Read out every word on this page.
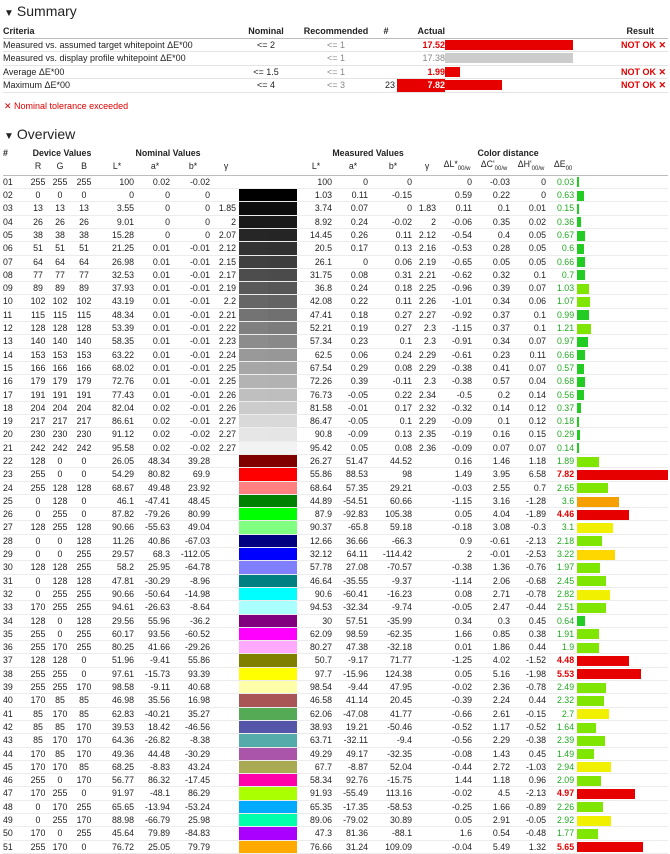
▼ Summary
Criteria	Nominal	Recommended	#	Actual		Result
Measured vs. assumed target whitepoint ΔE*00	<= 2	<= 1		17.52		NOT OK ✕
Measured vs. display profile whitepoint ΔE*00		<= 1		17.38	

Average ΔE*00	<= 1.5	<= 1		1.99		NOT OK ✕
Maximum ΔE*00	<= 4	<= 3	23	7.82		NOT OK ✕
✕ Nominal tolerance exceeded
▼ Overview
#	Device Values			Nominal Values					Measured Values				Color distance				
	R	G	B	L*	a*	b*	γ		L*	a*	b*	γ	$\Delta L*_{00/w}$	$\Delta C'_{00/w}$	$\Delta H'_{00/w}$	$\Delta E_{00}$	
01	255	255	255	100	0.02	-0.02			100	0	0		0	-0.03	0	0.03	

02	0	0	0	0	0	0			1.03	0.11	-0.15		0.59	0.22	0	0.63	

03	13	13	13	3.55	0	0	1.85		3.74	0.07	0	1.83	0.11	0.1	0.01	0.15	

04	26	26	26	9.01	0	0	2		8.92	0.24	-0.02	2	-0.06	0.35	0.02	0.36	

05	38	38	38	15.28	0	0	2.07		14.45	0.26	0.11	2.12	-0.54	0.4	0.05	0.67	

06	51	51	51	21.25	0.01	-0.01	2.12		20.5	0.17	0.13	2.16	-0.53	0.28	0.05	0.6	

07	64	64	64	26.98	0.01	-0.01	2.15		26.1	0	0.06	2.19	-0.65	0.05	0.05	0.66	

08	77	77	77	32.53	0.01	-0.01	2.17		31.75	0.08	0.31	2.21	-0.62	0.32	0.1	0.7	

09	89	89	89	37.93	0.01	-0.01	2.19		36.8	0.24	0.18	2.25	-0.96	0.39	0.07	1.03	

10	102	102	102	43.19	0.01	-0.01	2.2		42.08	0.22	0.11	2.26	-1.01	0.34	0.06	1.07	

11	115	115	115	48.34	0.01	-0.01	2.21		47.41	0.18	0.27	2.27	-0.92	0.37	0.1	0.99	

12	128	128	128	53.39	0.01	-0.01	2.22		52.21	0.19	0.27	2.3	-1.15	0.37	0.1	1.21	

13	140	140	140	58.35	0.01	-0.01	2.23		57.34	0.23	0.1	2.3	-0.91	0.34	0.07	0.97	

14	153	153	153	63.22	0.01	-0.01	2.24		62.5	0.06	0.24	2.29	-0.61	0.23	0.11	0.66	

15	166	166	166	68.02	0.01	-0.01	2.25		67.54	0.29	0.08	2.29	-0.38	0.41	0.07	0.57	

16	179	179	179	72.76	0.01	-0.01	2.25		72.26	0.39	-0.11	2.3	-0.38	0.57	0.04	0.68	

17	191	191	191	77.43	0.01	-0.01	2.26		76.73	-0.05	0.22	2.34	-0.5	0.2	0.14	0.56	

18	204	204	204	82.04	0.02	-0.01	2.26		81.58	-0.01	0.17	2.32	-0.32	0.14	0.12	0.37	

19	217	217	217	86.61	0.02	-0.01	2.27		86.47	-0.05	0.1	2.29	-0.09	0.1	0.12	0.18	

20	230	230	230	91.12	0.02	-0.02	2.27		90.8	-0.09	0.13	2.35	-0.19	0.16	0.15	0.29	

21	242	242	242	95.58	0.02	-0.02	2.27		95.42	0.05	0.08	2.36	-0.09	0.07	0.07	0.14	

22	128	0	0	26.05	48.34	39.28			26.27	51.47	44.52		0.16	1.46	1.18	1.89	

23	255	0	0	54.29	80.82	69.9			55.86	88.53	98		1.49	3.95	6.58	7.82	

24	255	128	128	68.67	49.48	23.92			68.64	57.35	29.21		-0.03	2.55	0.7	2.65	

25	0	128	0	46.1	-47.41	48.45			44.89	-54.51	60.66		-1.15	3.16	-1.28	3.6	

26	0	255	0	87.82	-79.26	80.99			87.9	-92.83	105.38		0.05	4.04	-1.89	4.46	

27	128	255	128	90.66	-55.63	49.04			90.37	-65.8	59.18		-0.18	3.08	-0.3	3.1	

28	0	0	128	11.26	40.86	-67.03			12.66	36.66	-66.3		0.9	-0.61	-2.13	2.18	

29	0	0	255	29.57	68.3	-112.05			32.12	64.11	-114.42		2	-0.01	-2.53	3.22	

30	128	128	255	58.2	25.95	-64.78			57.78	27.08	-70.57		-0.38	1.36	-0.76	1.97	

31	0	128	128	47.81	-30.29	-8.96			46.64	-35.55	-9.37		-1.14	2.06	-0.68	2.45	

32	0	255	255	90.66	-50.64	-14.98			90.6	-60.41	-16.23		0.08	2.71	-0.78	2.82	

33	170	255	255	94.61	-26.63	-8.64			94.53	-32.34	-9.74		-0.05	2.47	-0.44	2.51	

34	128	0	128	29.56	55.96	-36.2			30	57.51	-35.99		0.34	0.3	0.45	0.64	

35	255	0	255	60.17	93.56	-60.52			62.09	98.59	-62.35		1.66	0.85	0.38	1.91	

36	255	170	255	80.25	41.66	-29.26			80.27	47.38	-32.18		0.01	1.86	0.44	1.9	

37	128	128	0	51.96	-9.41	55.86			50.7	-9.17	71.77		-1.25	4.02	-1.52	4.48	

38	255	255	0	97.61	-15.73	93.39			97.7	-15.96	124.38		0.05	5.16	-1.98	5.53	

39	255	255	170	98.58	-9.11	40.68			98.54	-9.44	47.95		-0.02	2.36	-0.78	2.49	

40	170	85	85	46.98	35.56	16.98			46.58	41.14	20.45		-0.39	2.24	0.44	2.32	

41	85	170	85	62.83	-40.21	35.27			62.06	-47.08	41.77		-0.66	2.61	-0.15	2.7	

42	85	85	170	39.53	18.42	-46.56			38.93	19.21	-50.46		-0.52	1.17	-0.52	1.64	

43	85	170	170	64.36	-26.82	-8.38			63.71	-32.11	-9.4		-0.56	2.29	-0.38	2.39	

44	170	85	170	49.36	44.48	-30.29			49.29	49.17	-32.35		-0.08	1.43	0.45	1.49	

45	170	170	85	68.25	-8.83	43.24			67.7	-8.87	52.04		-0.44	2.72	-1.03	2.94	

46	255	0	170	56.77	86.32	-17.45			58.34	92.76	-15.75		1.44	1.18	0.96	2.09	

47	170	255	0	91.97	-48.1	86.29			91.93	-55.49	113.16		-0.02	4.5	-2.13	4.97	

48	0	170	255	65.65	-13.94	-53.24			65.35	-17.35	-58.53		-0.25	1.66	-0.89	2.26	

49	0	255	170	88.98	-66.79	25.98			89.06	-79.02	30.89		0.05	2.91	-0.05	2.92	

50	170	0	255	45.64	79.89	-84.83			47.3	81.36	-88.1		1.6	0.54	-0.48	1.77	

51	255	170	0	76.72	25.05	79.79			76.66	31.24	109.09		-0.04	5.49	1.32	5.65	
